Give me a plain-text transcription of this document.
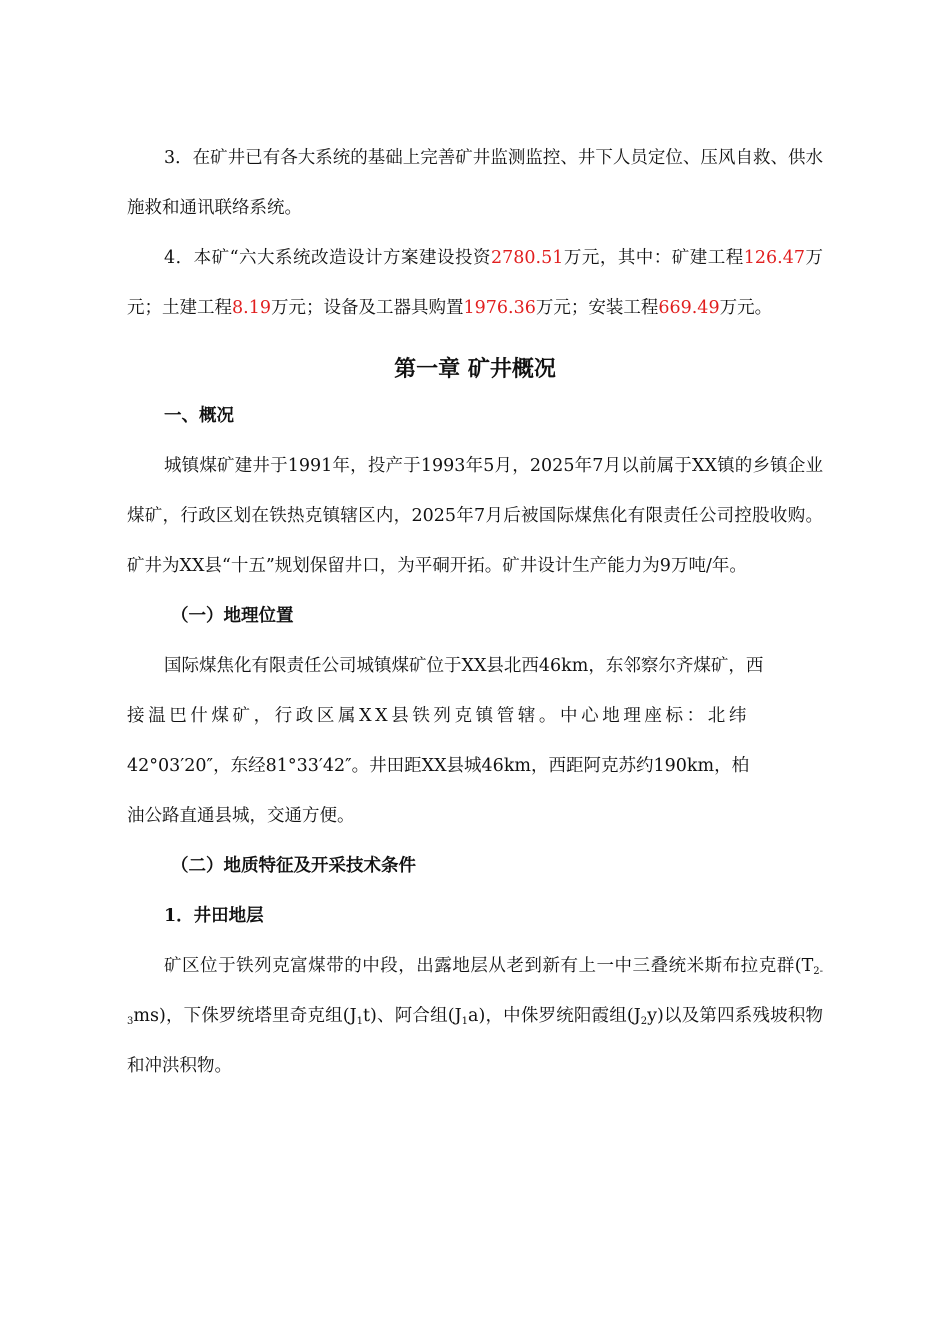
3．在矿井已有各大系统的基础上完善矿井监测监控、井下人员定位、压风自救、供水施救和通讯联络系统。

4．本矿“六大系统改造设计方案建设投资2780.51万元，其中：矿建工程126.47万元；土建工程8.19万元；设备及工器具购置1976.36万元；安装工程669.49万元。

第一章 矿井概况
一、概况

城镇煤矿建井于1991年，投产于1993年5月，2025年7月以前属于XX镇的乡镇企业煤矿，行政区划在铁热克镇辖区内，2025年7月后被国际煤焦化有限责任公司控股收购。矿井为XX县“十五”规划保留井口，为平硐开拓。矿井设计生产能力为9万吨/年。

（一）地理位置

国际煤焦化有限责任公司城镇煤矿位于XX县北西46km，东邻察尔齐煤矿，西

接温巴什煤矿，行政区属XX县铁列克镇管辖。中心地理座标：北纬

42°03′20″，东经81°33′42″。井田距XX县城46km，西距阿克苏约190km，柏

油公路直通县城，交通方便。

（二）地质特征及开采技术条件
1．井田地层

矿区位于铁列克富煤带的中段，出露地层从老到新有上一中三叠统米斯布拉克群$(T_{2-3}ms)$，下侏罗统塔里奇克组$(J_1t)$、阿合组$(J_1a)$，中侏罗统阳霞组$(J_2y)$以及第四系残坡积物和冲洪积物。
